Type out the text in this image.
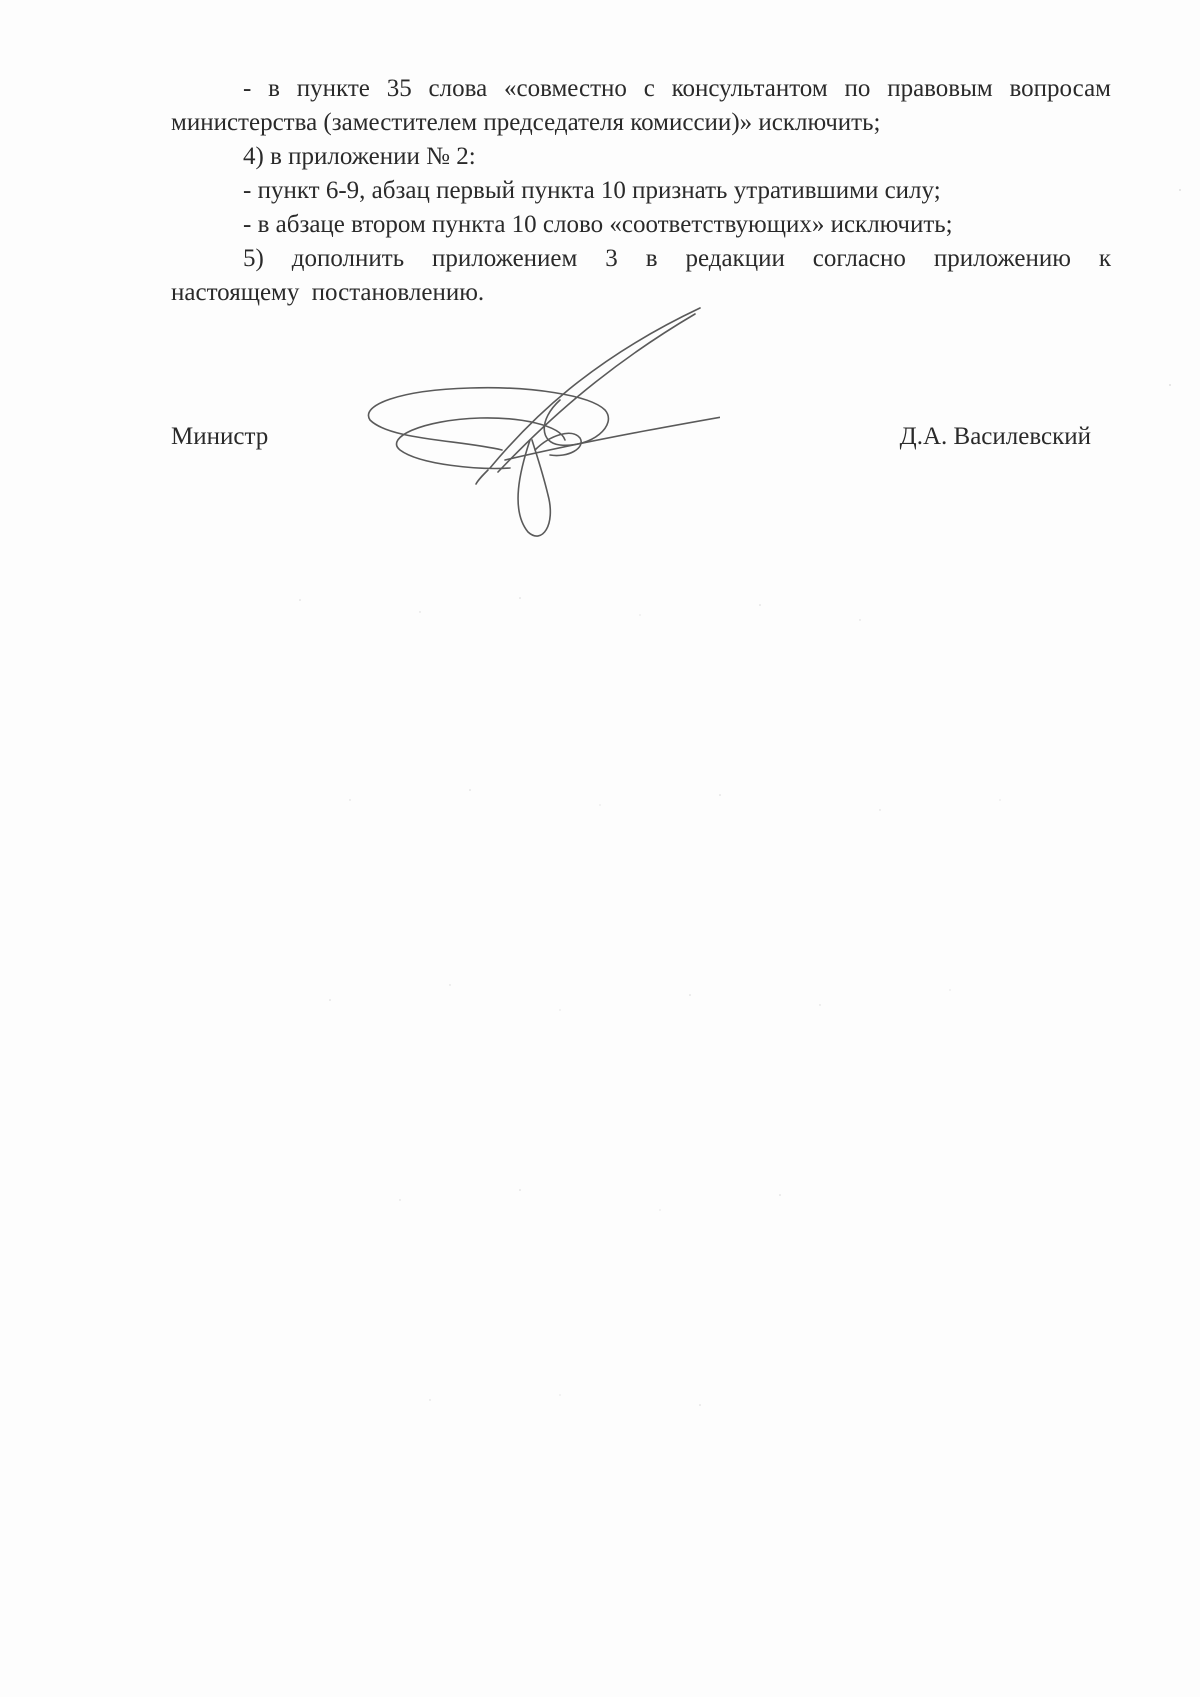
- в пункте 35 слова «совместно с консультантом по правовым вопросам министерства (заместителем председателя комиссии)» исключить;

4) в приложении № 2:

- пункт 6-9, абзац первый пункта 10 признать утратившими силу;

- в абзаце втором пункта 10 слово «соответствующих» исключить;

5) дополнить приложением 3 в редакции согласно приложению к настоящему постановлению.

Министр	Д.А. Василевский
